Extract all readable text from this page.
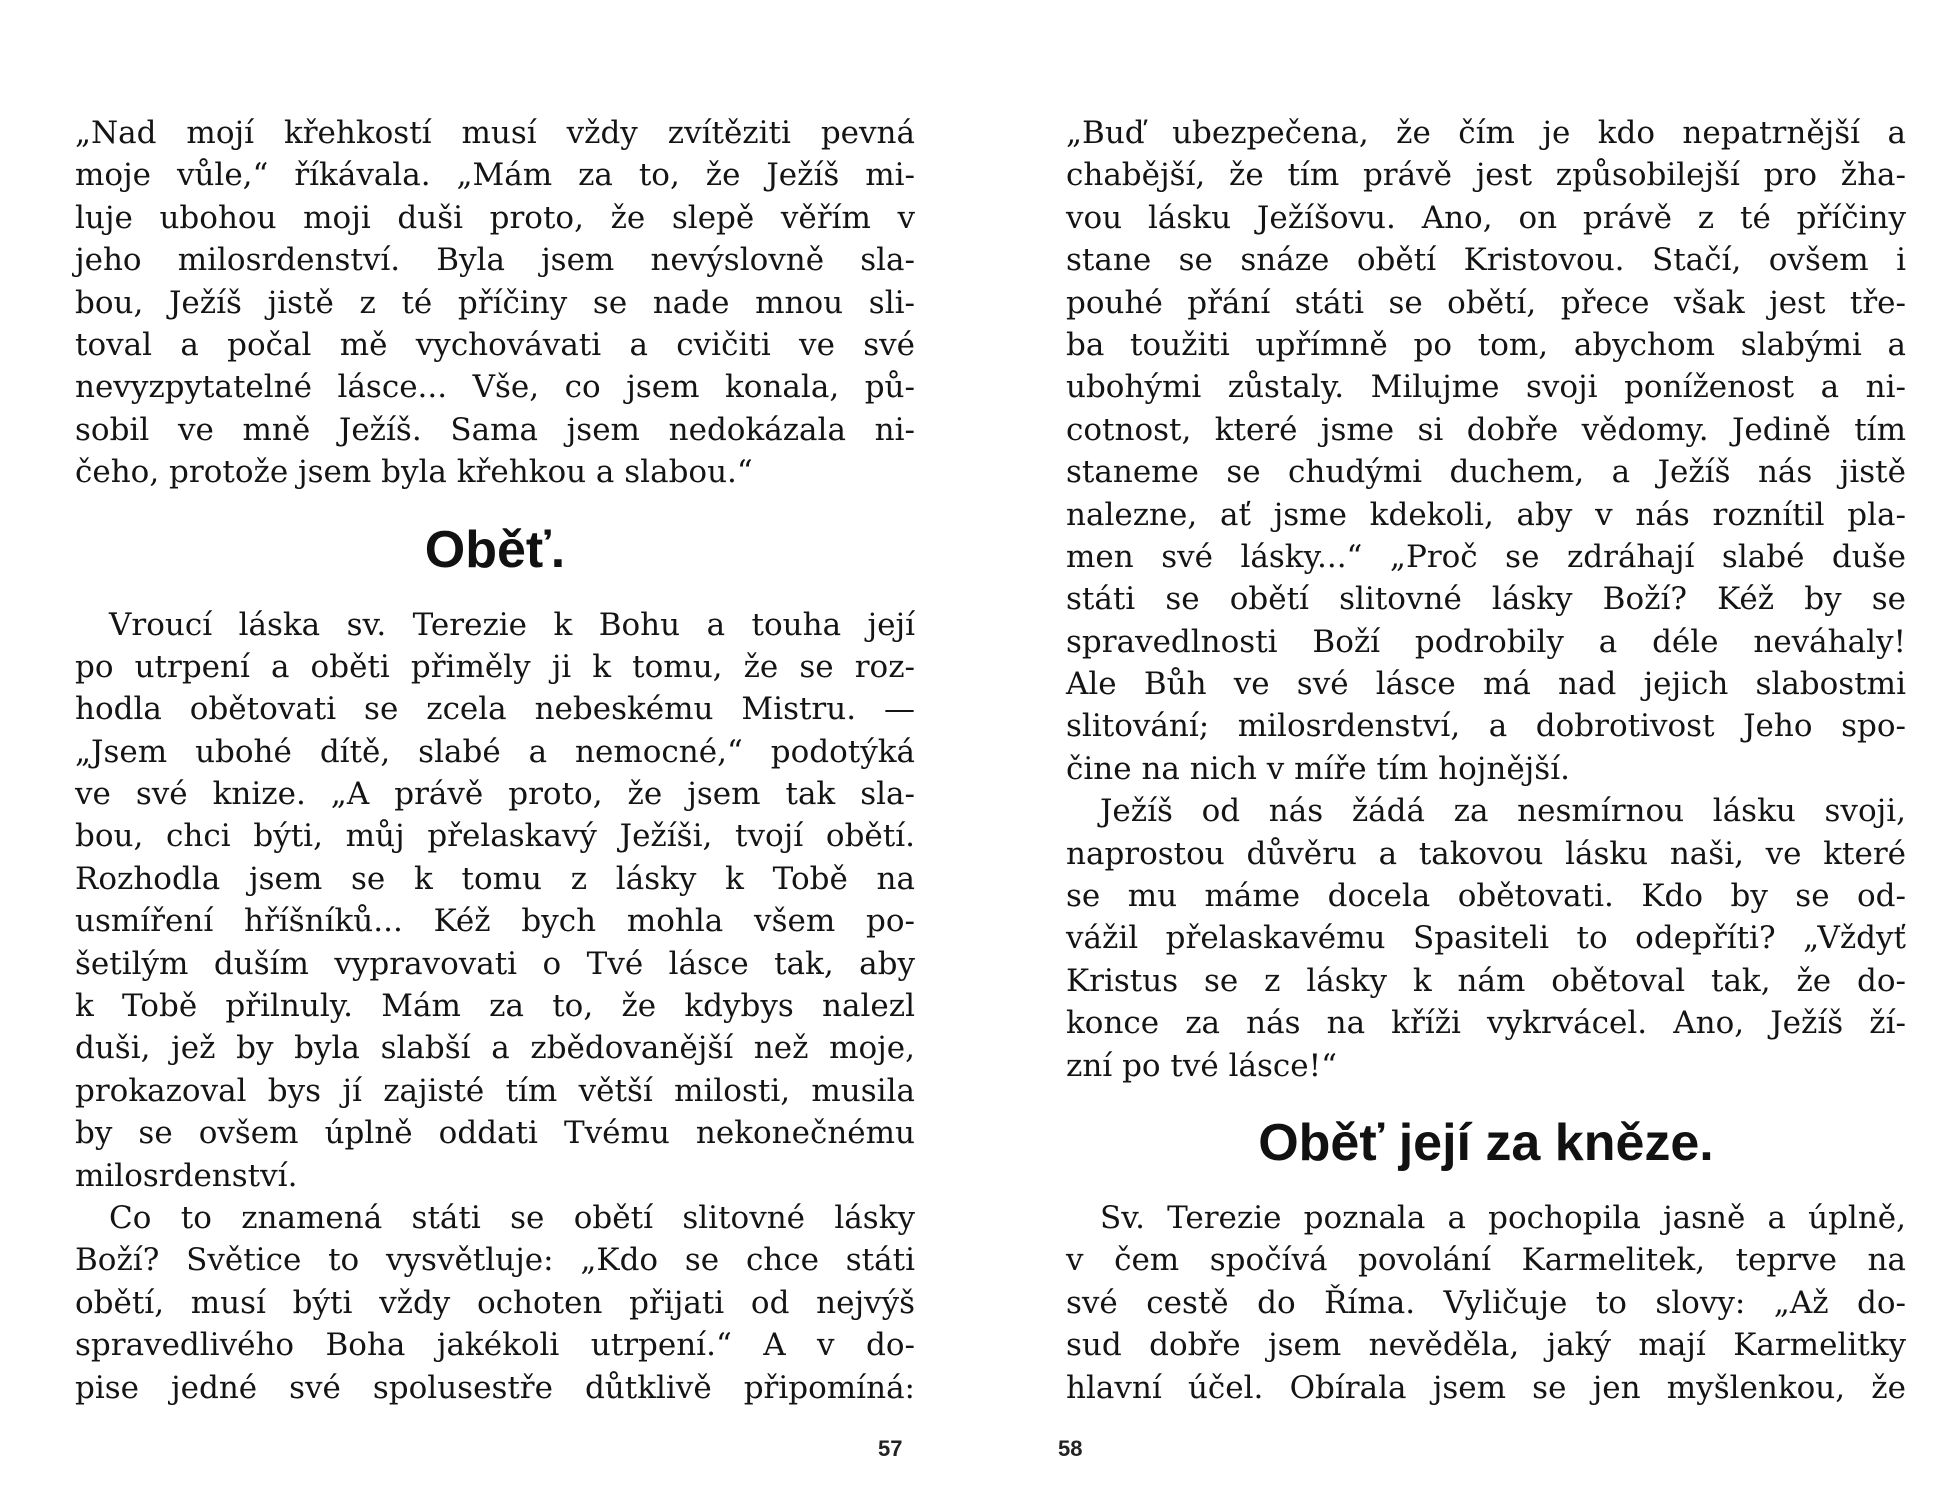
„Nad mojí křehkostí musí vždy zvítěziti pevná
moje vůle,“ říkávala. „Mám za to, že Ježíš mi-
luje ubohou moji duši proto, že slepě věřím v
jeho milosrdenství. Byla jsem nevýslovně sla-
bou, Ježíš jistě z té příčiny se nade mnou sli-
toval a počal mě vychovávati a cvičiti ve své
nevyzpytatelné lásce... Vše, co jsem konala, pů-
sobil ve mně Ježíš. Sama jsem nedokázala ni-
čeho, protože jsem byla křehkou a slabou.“
Oběť.
Vroucí láska sv. Terezie k Bohu a touha její
po utrpení a oběti přiměly ji k tomu, že se roz-
hodla obětovati se zcela nebeskému Mistru. —
„Jsem ubohé dítě, slabé a nemocné,“ podotýká
ve své knize. „A právě proto, že jsem tak sla-
bou, chci býti, můj přelaskavý Ježíši, tvojí obětí.
Rozhodla jsem se k tomu z lásky k Tobě na
usmíření hříšníků... Kéž bych mohla všem po-
šetilým duším vypravovati o Tvé lásce tak, aby
k Tobě přilnuly. Mám za to, že kdybys nalezl
duši, jež by byla slabší a zbědovanější než moje,
prokazoval bys jí zajisté tím větší milosti, musila
by se ovšem úplně oddati Tvému nekonečnému
milosrdenství.
Co to znamená státi se obětí slitovné lásky
Boží? Světice to vysvětluje: „Kdo se chce státi
obětí, musí býti vždy ochoten přijati od nejvýš
spravedlivého Boha jakékoli utrpení.“ A v do-
pise jedné své spolusestře důtklivě připomíná:
57
„Buď ubezpečena, že čím je kdo nepatrnější a
chabější, že tím právě jest způsobilejší pro žha-
vou lásku Ježíšovu. Ano, on právě z té příčiny
stane se snáze obětí Kristovou. Stačí, ovšem i
pouhé přání státi se obětí, přece však jest tře-
ba toužiti upřímně po tom, abychom slabými a
ubohými zůstaly. Milujme svoji poníženost a ni-
cotnost, které jsme si dobře vědomy. Jedině tím
staneme se chudými duchem, a Ježíš nás jistě
nalezne, ať jsme kdekoli, aby v nás roznítil pla-
men své lásky...“ „Proč se zdráhají slabé duše
státi se obětí slitovné lásky Boží? Kéž by se
spravedlnosti Boží podrobily a déle neváhaly!
Ale Bůh ve své lásce má nad jejich slabostmi
slitování; milosrdenství, a dobrotivost Jeho spo-
čine na nich v míře tím hojnější.
Ježíš od nás žádá za nesmírnou lásku svoji,
naprostou důvěru a takovou lásku naši, ve které
se mu máme docela obětovati. Kdo by se od-
vážil přelaskavému Spasiteli to odepříti? „Vždyť
Kristus se z lásky k nám obětoval tak, že do-
konce za nás na kříži vykrvácel. Ano, Ježíš ží-
zní po tvé lásce!“
Oběť její za kněze.
Sv. Terezie poznala a pochopila jasně a úplně,
v čem spočívá povolání Karmelitek, teprve na
své cestě do Říma. Vyličuje to slovy: „Až do-
sud dobře jsem nevěděla, jaký mají Karmelitky
hlavní účel. Obírala jsem se jen myšlenkou, že
58
